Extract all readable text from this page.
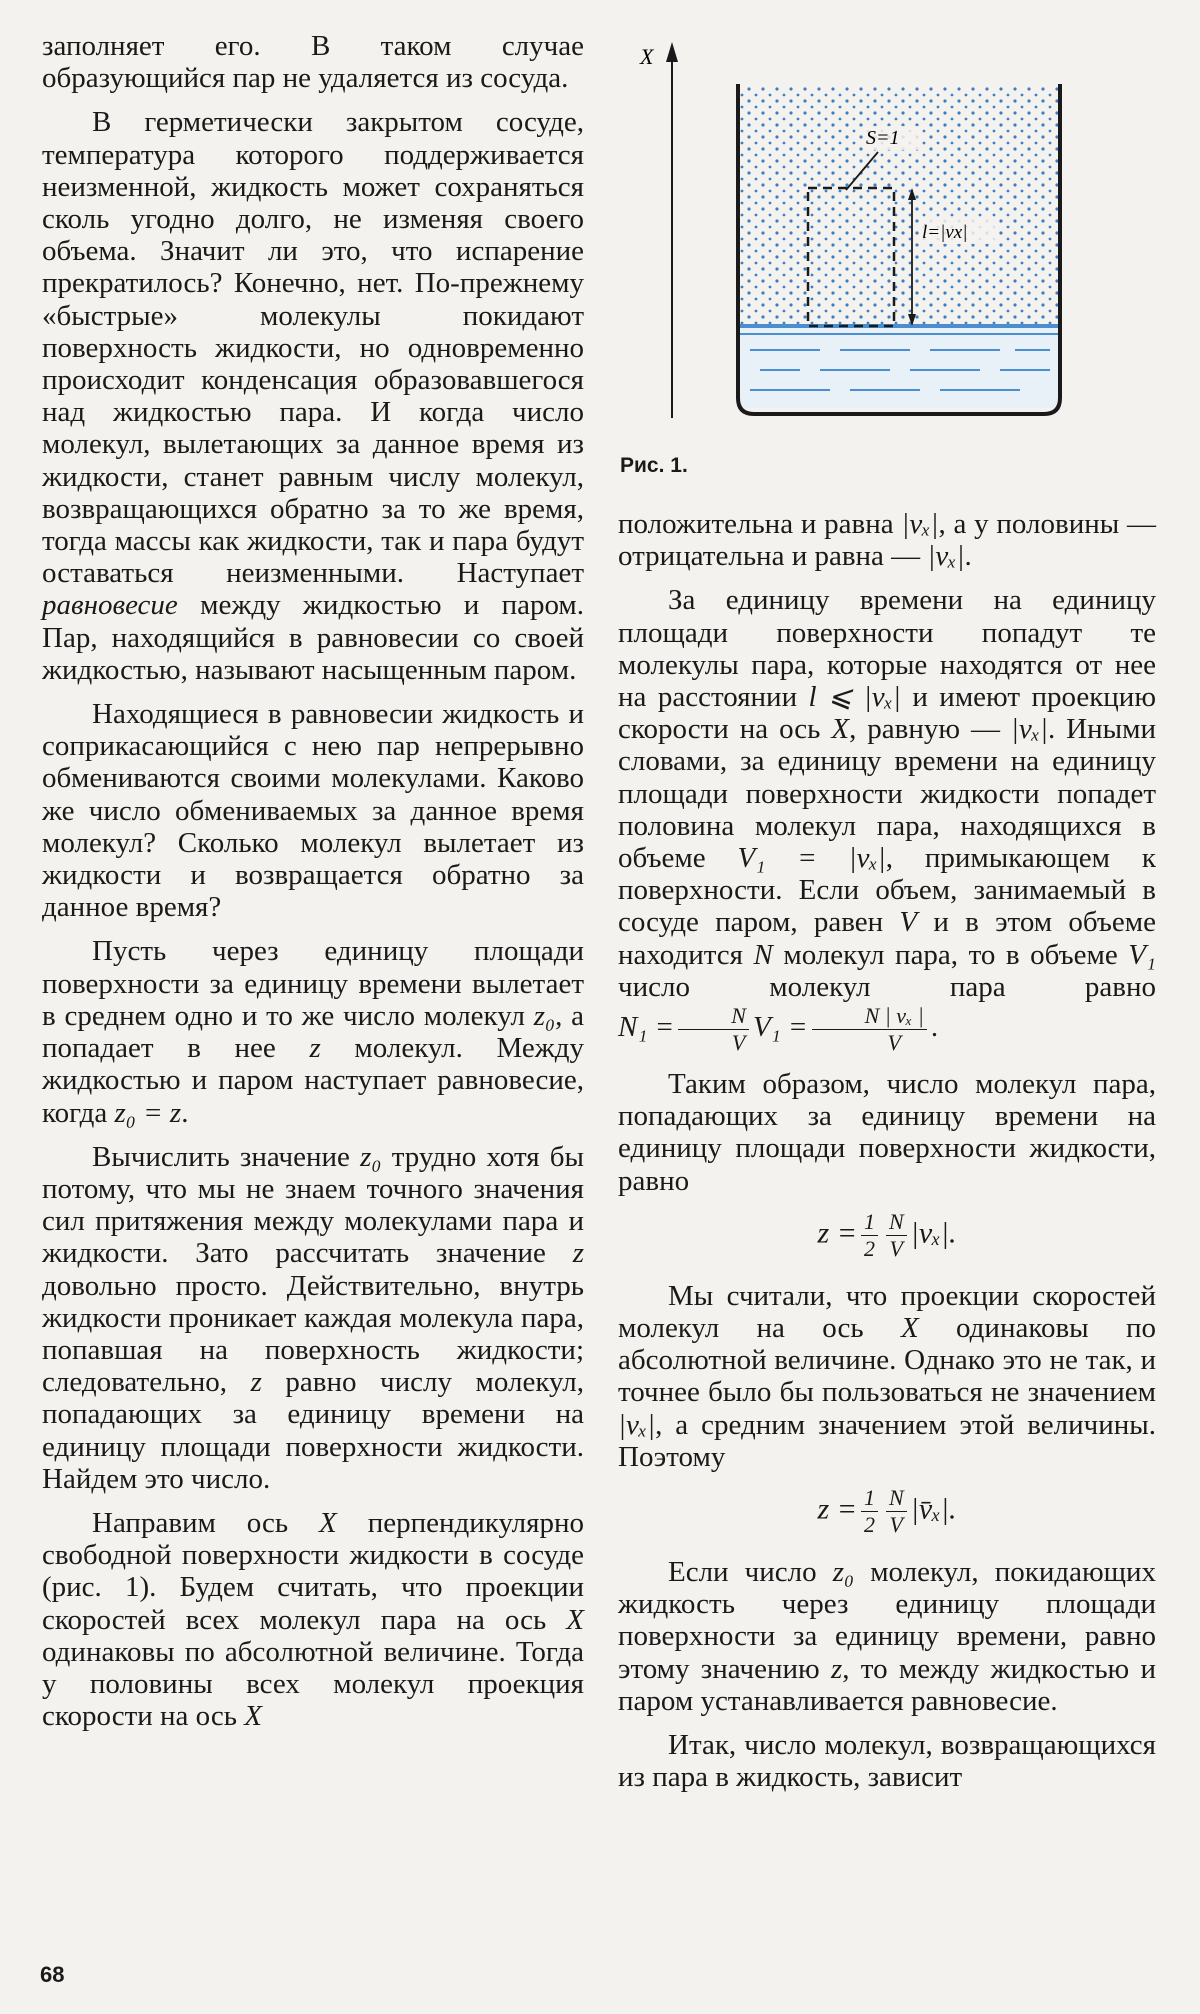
заполняет его. В таком случае образующийся пар не удаляется из сосуда.

В герметически закрытом сосуде, температура которого поддерживается неизменной, жидкость может сохраняться сколь угодно долго, не изменяя своего объема. Значит ли это, что испарение прекратилось? Конечно, нет. По-прежнему «быстрые» молекулы покидают поверхность жидкости, но одновременно происходит конденсация образовавшегося над жидкостью пара. И когда число молекул, вылетающих за данное время из жидкости, станет равным числу молекул, возвращающихся обратно за то же время, тогда массы как жидкости, так и пара будут оставаться неизменными. Наступает равновесие между жидкостью и паром. Пар, находящийся в равновесии со своей жидкостью, называют насыщенным паром.

Находящиеся в равновесии жидкость и соприкасающийся с нею пар непрерывно обмениваются своими молекулами. Каково же число обмениваемых за данное время молекул? Сколько молекул вылетает из жидкости и возвращается обратно за данное время?

Пусть через единицу площади поверхности за единицу времени вылетает в среднем одно и то же число молекул z₀, а попадает в нее z молекул. Между жидкостью и паром наступает равновесие, когда z₀ = z.

Вычислить значение z₀ трудно хотя бы потому, что мы не знаем точного значения сил притяжения между молекулами пара и жидкости. Зато рассчитать значение z довольно просто. Действительно, внутрь жидкости проникает каждая молекула пара, попавшая на поверхность жидкости; следовательно, z равно числу молекул, попадающих за единицу времени на единицу площади поверхности жидкости. Найдем это число.

Направим ось X перпендикулярно свободной поверхности жидкости в сосуде (рис. 1). Будем считать, что проекции скоростей всех молекул пара на ось X одинаковы по абсолютной величине. Тогда у половины всех молекул проекция скорости на ось X

X
S=1
l=|vx|
Рис. 1.

положительна и равна |vₓ|, а у половины — отрицательна и равна — |vₓ|.

За единицу времени на единицу площади поверхности попадут те молекулы пара, которые находятся от нее на расстоянии l ⩽ |vₓ| и имеют проекцию скорости на ось X, равную — |vₓ|. Иными словами, за единицу времени на единицу площади поверхности жидкости попадет половина молекул пара, находящихся в объеме V₁ = |vₓ|, примыкающем к поверхности. Если объем, занимаемый в сосуде паром, равен V и в этом объеме находится N молекул пара, то в объеме V₁ число молекул пара равно $N_1 = \frac{N}{V} V_1 = \frac{\text{N | vₓ |}}{V}$ .

Таким образом, число молекул пара, попадающих за единицу времени на единицу площади поверхности жидкости, равно

$z = \frac{1}{2} \frac{N}{V} |v_x|$.

Мы считали, что проекции скоростей молекул на ось X одинаковы по абсолютной величине. Однако это не так, и точнее было бы пользоваться не значением |vₓ|, а средним значением этой величины. Поэтому

$z = \frac{1}{2} \frac{N}{V}$ |v̄ₓ|.

Если число z₀ молекул, покидающих жидкость через единицу площади поверхности за единицу времени, равно этому значению z, то между жидкостью и паром устанавливается равновесие.

Итак, число молекул, возвращающихся из пара в жидкость, зависит

68
